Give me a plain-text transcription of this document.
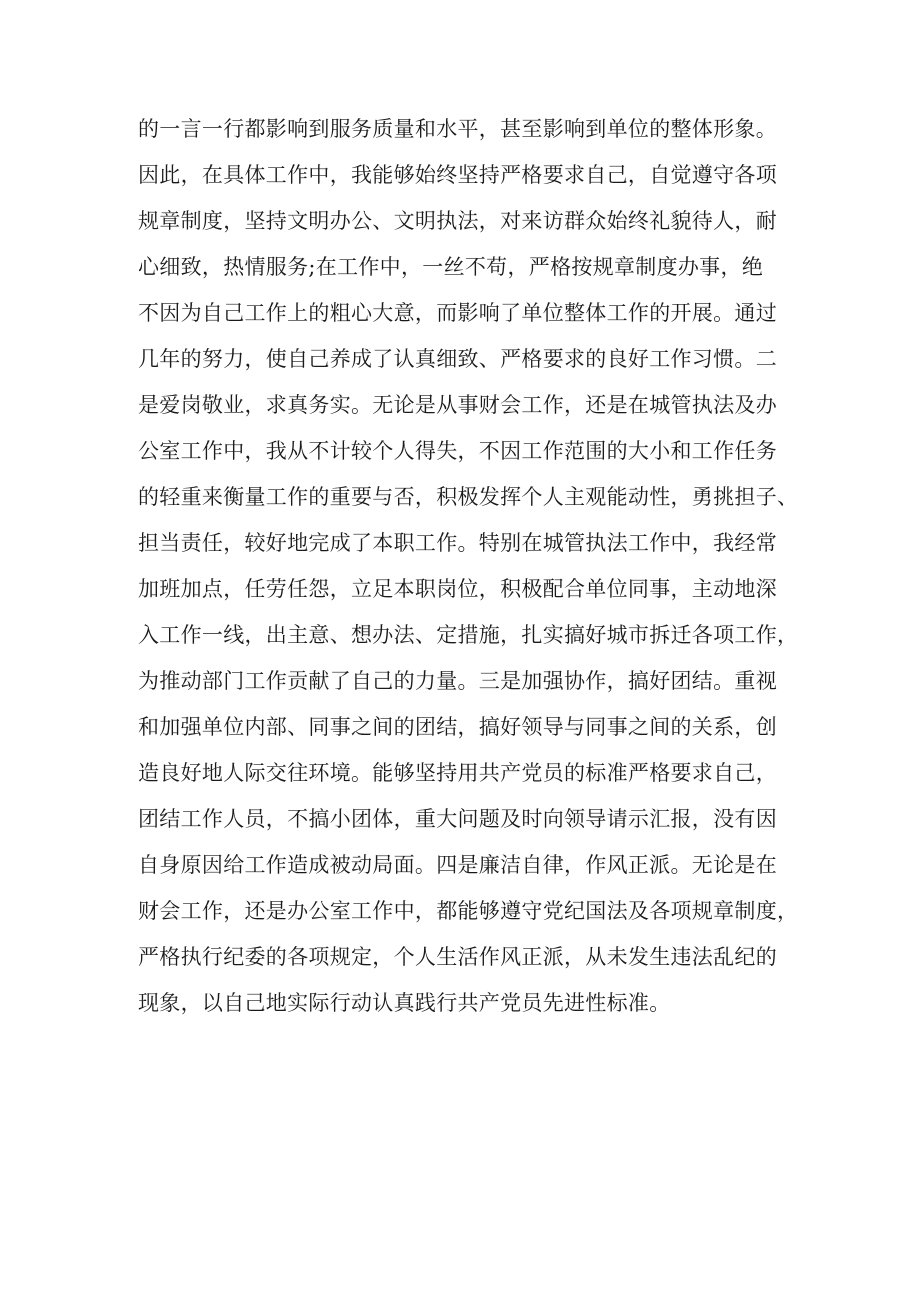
的一言一行都影响到服务质量和水平，甚至影响到单位的整体形象。
因此，在具体工作中，我能够始终坚持严格要求自己，自觉遵守各项
规章制度，坚持文明办公、文明执法，对来访群众始终礼貌待人，耐
心细致，热情服务;在工作中，一丝不苟，严格按规章制度办事，绝
不因为自己工作上的粗心大意，而影响了单位整体工作的开展。通过
几年的努力，使自己养成了认真细致、严格要求的良好工作习惯。二
是爱岗敬业，求真务实。无论是从事财会工作，还是在城管执法及办
公室工作中，我从不计较个人得失，不因工作范围的大小和工作任务
的轻重来衡量工作的重要与否，积极发挥个人主观能动性，勇挑担子、
担当责任，较好地完成了本职工作。特别在城管执法工作中，我经常
加班加点，任劳任怨，立足本职岗位，积极配合单位同事，主动地深
入工作一线，出主意、想办法、定措施，扎实搞好城市拆迁各项工作，
为推动部门工作贡献了自己的力量。三是加强协作，搞好团结。重视
和加强单位内部、同事之间的团结，搞好领导与同事之间的关系，创
造良好地人际交往环境。能够坚持用共产党员的标准严格要求自己，
团结工作人员，不搞小团体，重大问题及时向领导请示汇报，没有因
自身原因给工作造成被动局面。四是廉洁自律，作风正派。无论是在
财会工作，还是办公室工作中，都能够遵守党纪国法及各项规章制度，
严格执行纪委的各项规定，个人生活作风正派，从未发生违法乱纪的
现象，以自己地实际行动认真践行共产党员先进性标准。
